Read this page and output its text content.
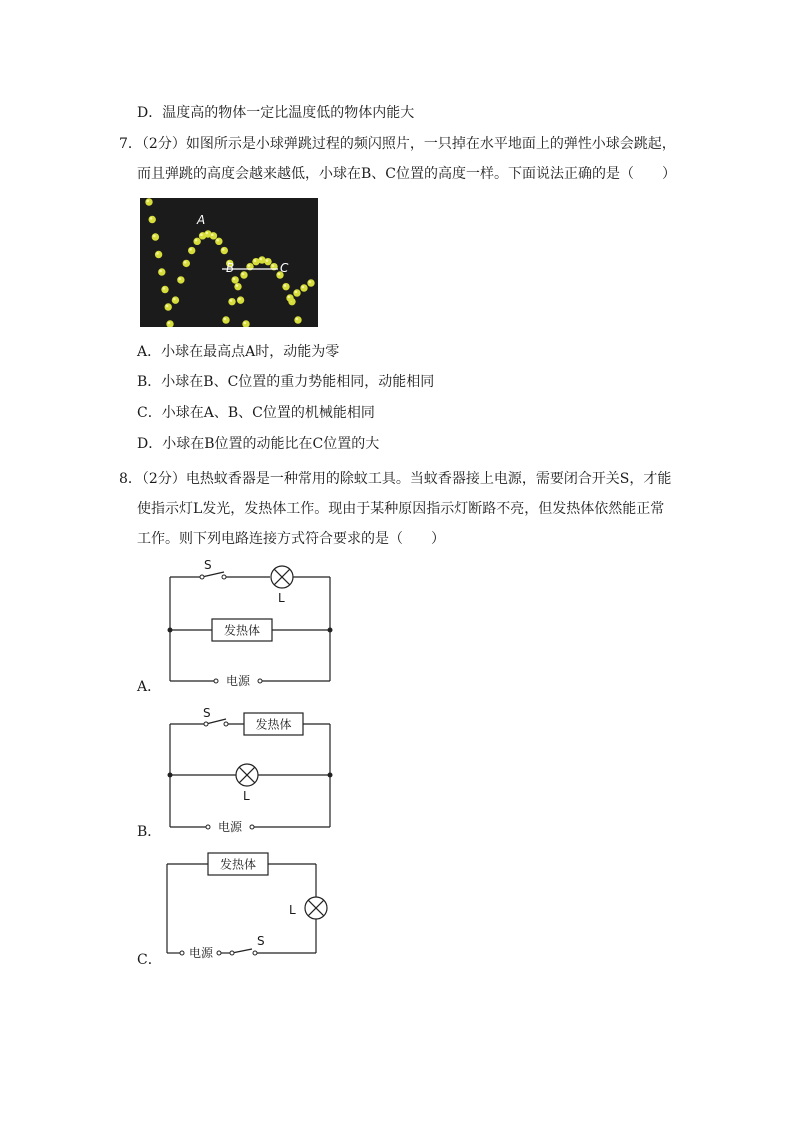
D．温度高的物体一定比温度低的物体内能大
7．（2分）如图所示是小球弹跳过程的频闪照片，一只掉在水平地面上的弹性小球会跳起，
而且弹跳的高度会越来越低，小球在B、C位置的高度一样。下面说法正确的是（　　）
A
B	C
A．小球在最高点A时，动能为零
B．小球在B、C位置的重力势能相同，动能相同
C．小球在A、B、C位置的机械能相同
D．小球在B位置的动能比在C位置的大
8．（2分）电热蚊香器是一种常用的除蚊工具。当蚊香器接上电源，需要闭合开关S，才能
使指示灯L发光，发热体工作。现由于某种原因指示灯断路不亮，但发热体依然能正常
工作。则下列电路连接方式符合要求的是（　　）
S
L
发热体
电源
A．
S
发热体
L
电源
B．
发热体
L
S
电源
C．
